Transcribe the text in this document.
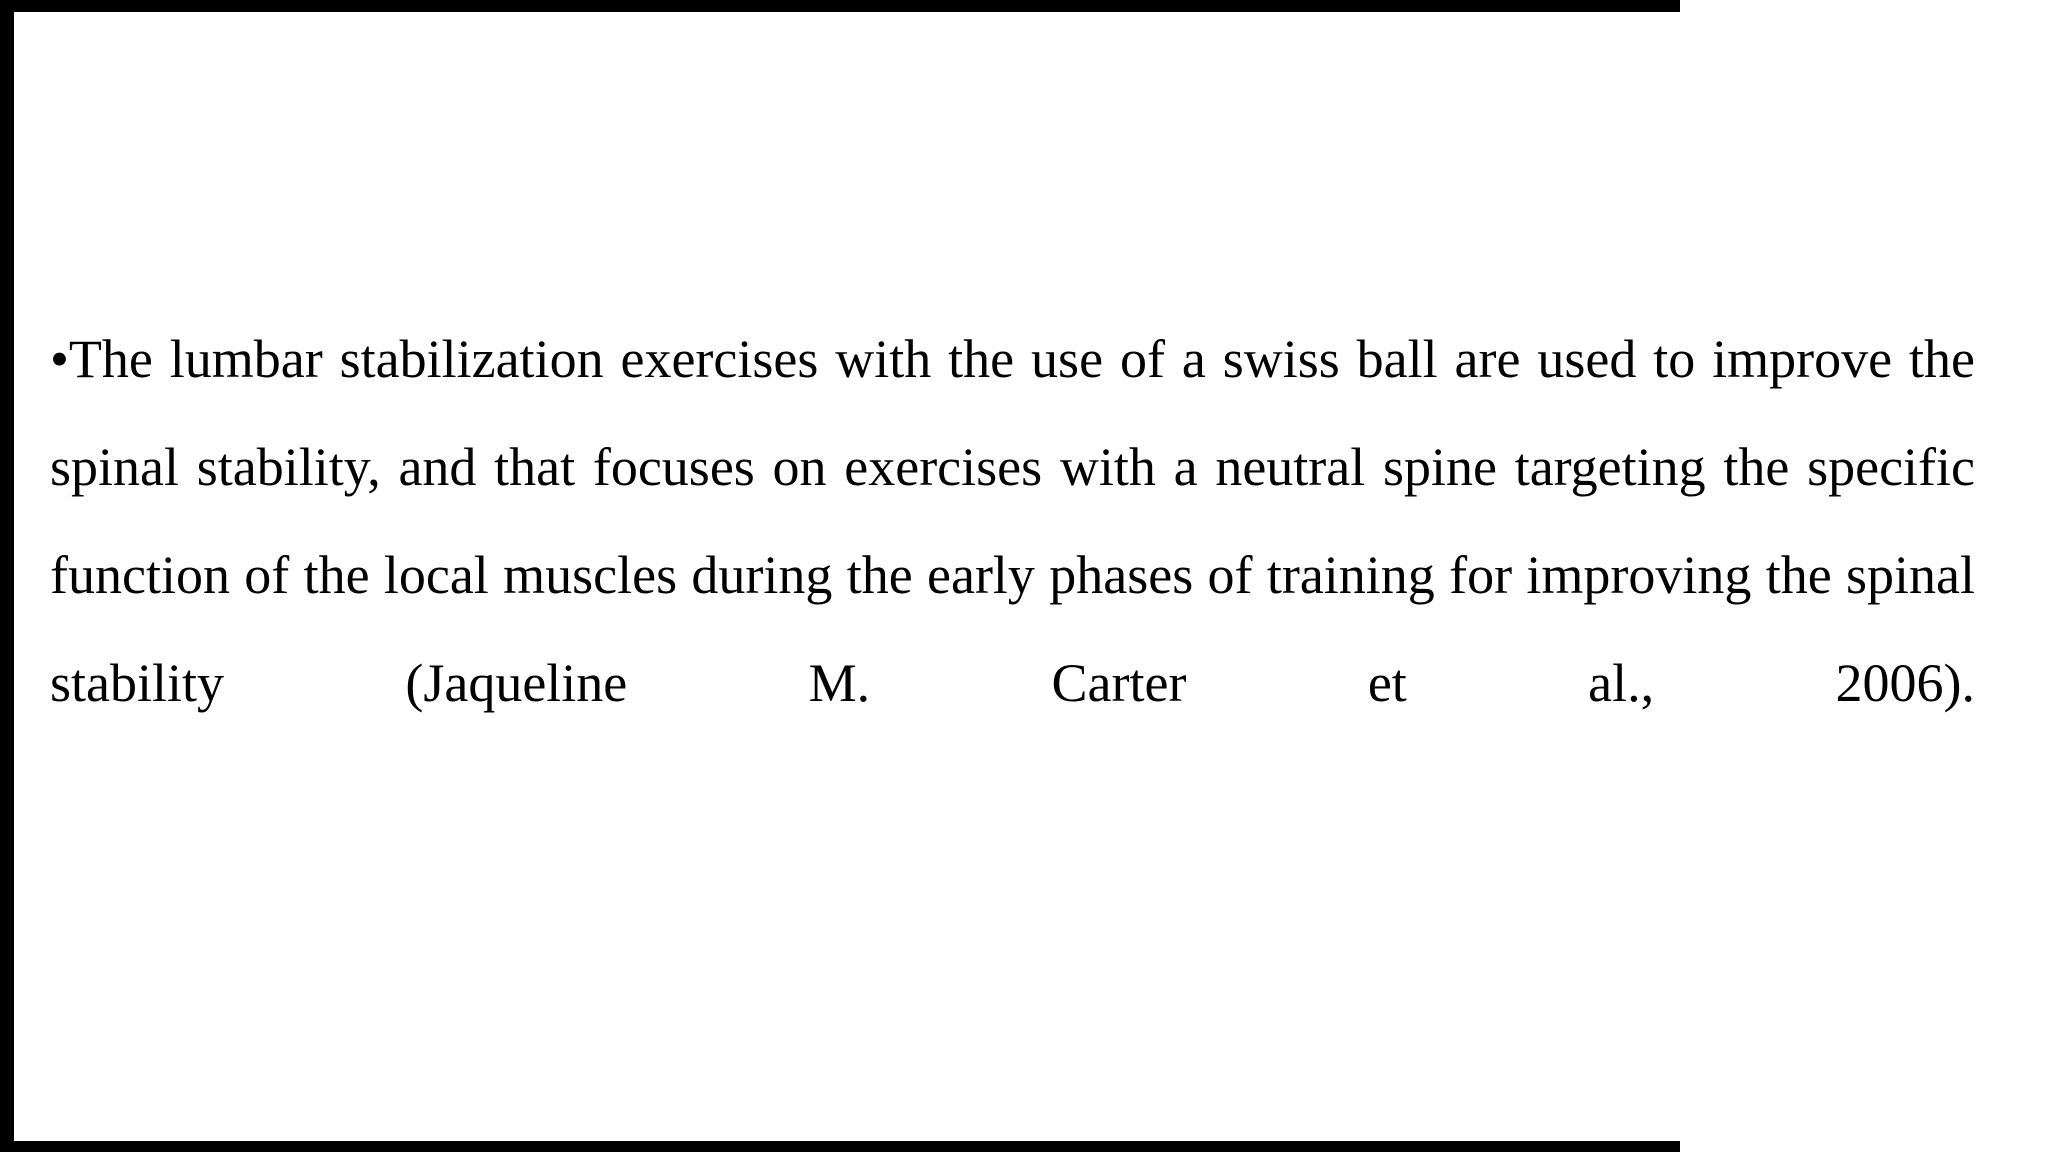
•The lumbar stabilization exercises with the use of a swiss ball are used to improve the spinal stability, and that focuses on exercises with a neutral spine targeting the specific function of the local muscles during the early phases of training for improving the spinal stability (Jaqueline M. Carter et al., 2006).
